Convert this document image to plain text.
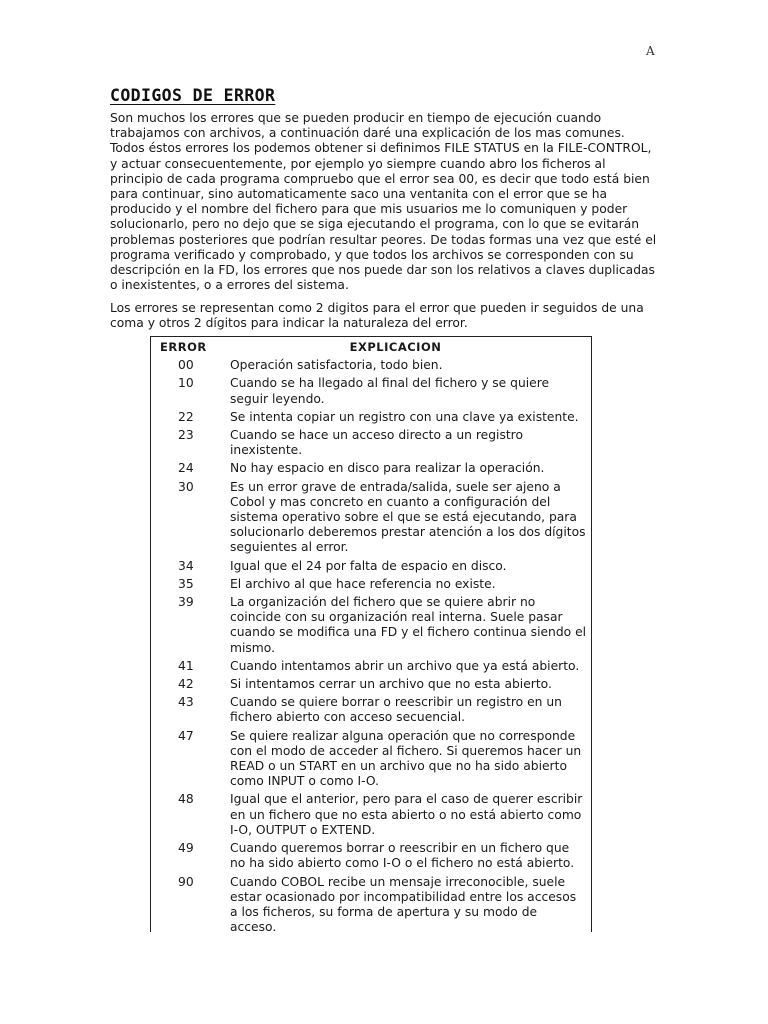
A
CODIGOS DE ERROR

Son muchos los errores que se pueden producir en tiempo de ejecución cuando trabajamos con archivos, a continuación daré una explicación de los mas comunes. Todos éstos errores los podemos obtener si definimos FILE STATUS en la FILE-CONTROL, y actuar consecuentemente, por ejemplo yo siempre cuando abro los ficheros al principio de cada programa compruebo que el error sea 00, es decir que todo está bien para continuar, sino automaticamente saco una ventanita con el error que se ha producido y el nombre del fichero para que mis usuarios me lo comuniquen y poder solucionarlo, pero no dejo que se siga ejecutando el programa, con lo que se evitarán problemas posteriores que podrían resultar peores. De todas formas una vez que esté el programa verificado y comprobado, y que todos los archivos se corresponden con su descripción en la FD, los errores que nos puede dar son los relativos a claves duplicadas o inexistentes, o a errores del sistema.

Los errores se representan como 2 digitos para el error que pueden ir seguidos de una coma y otros 2 dígitos para indicar la naturaleza del error.

ERROR	EXPLICACION
00	Operación satisfactoria, todo bien.
10	Cuando se ha llegado al final del fichero y se quiere seguir leyendo.
22	Se intenta copiar un registro con una clave ya existente.
23	Cuando se hace un acceso directo a un registro inexistente.
24	No hay espacio en disco para realizar la operación.
30	Es un error grave de entrada/salida, suele ser ajeno a Cobol y mas concreto en cuanto a configuración del sistema operativo sobre el que se está ejecutando, para solucionarlo deberemos prestar atención a los dos dígitos seguientes al error.
34	Igual que el 24 por falta de espacio en disco.
35	El archivo al que hace referencia no existe.
39	La organización del fichero que se quiere abrir no coincide con su organización real interna. Suele pasar cuando se modifica una FD y el fichero continua siendo el mismo.
41	Cuando intentamos abrir un archivo que ya está abierto.
42	Si intentamos cerrar un archivo que no esta abierto.
43	Cuando se quiere borrar o reescribir un registro en un fichero abierto con acceso secuencial.
47	Se quiere realizar alguna operación que no corresponde con el modo de acceder al fichero. Si queremos hacer un READ o un START en un archivo que no ha sido abierto como INPUT o como I-O.
48	Igual que el anterior, pero para el caso de querer escribir en un fichero que no esta abierto o no está abierto como I-O, OUTPUT o EXTEND.
49	Cuando queremos borrar o reescribir en un fichero que no ha sido abierto como I-O o el fichero no está abierto.
90	Cuando COBOL recibe un mensaje irreconocible, suele estar ocasionado por incompatibilidad entre los accesos a los ficheros, su forma de apertura y su modo de acceso.
